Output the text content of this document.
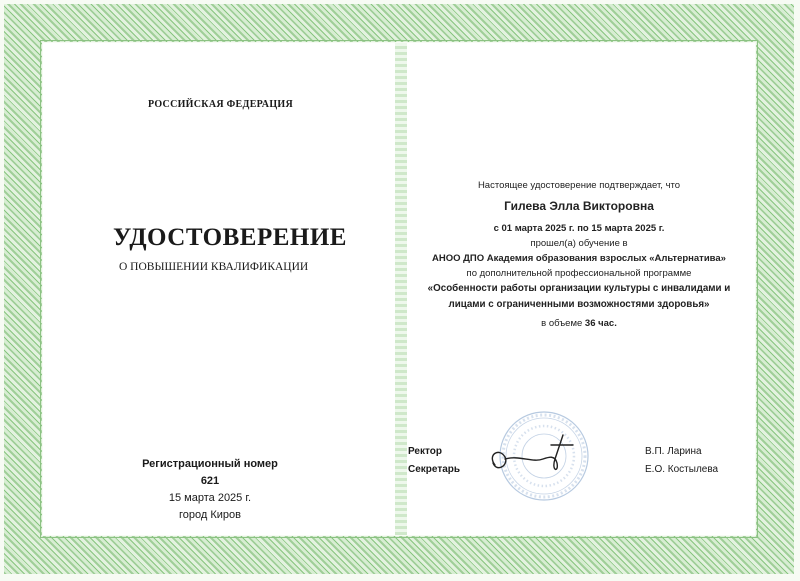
РОССИЙСКАЯ ФЕДЕРАЦИЯ
УДОСТОВЕРЕНИЕ
О ПОВЫШЕНИИ КВАЛИФИКАЦИИ
Регистрационный номер 621
15 марта 2025 г.
город Киров
Настоящее удостоверение подтверждает, что
Гилева Элла Викторовна
с 01 марта 2025 г. по 15 марта 2025 г.
прошел(а) обучение в
АНОО ДПО Академия образования взрослых «Альтернатива»
по дополнительной профессиональной программе
«Особенности работы организации культуры с инвалидами и
лицами с ограниченными возможностями здоровья»
в объеме 36 час.
Ректор
Секретарь
В.П. Ларина
Е.О. Костылева
